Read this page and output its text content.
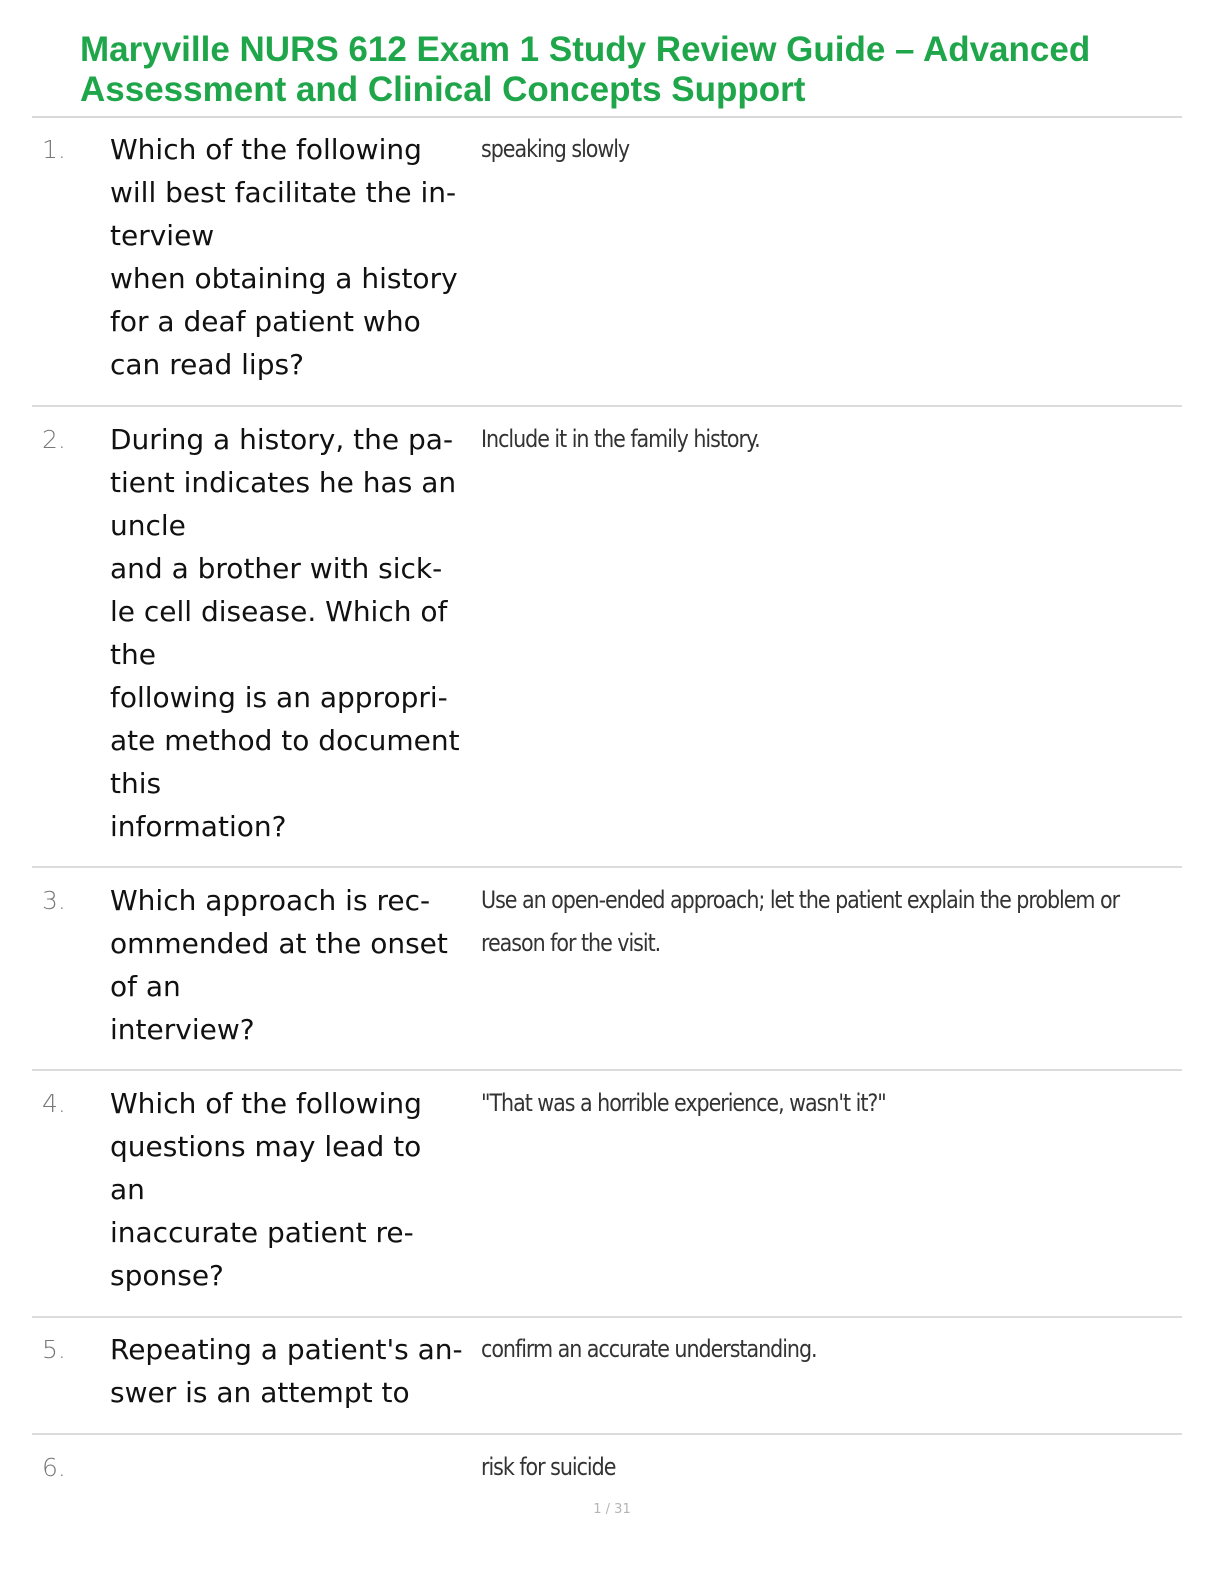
Maryville NURS 612 Exam 1 Study Review Guide – Advanced
Assessment and Clinical Concepts Support
1. Which of the following
will best facilitate the in-
terview
when obtaining a history
for a deaf patient who
can read lips?
speaking slowly
2. During a history, the pa-
tient indicates he has an
uncle
and a brother with sick-
le cell disease. Which of
the
following is an appropri-
ate method to document
this
information?
Include it in the family history.
3. Which approach is rec-
ommended at the onset
of an
interview?
Use an open-ended approach; let the patient explain the problem or
reason for the visit.
4. Which of the following
questions may lead to
an
inaccurate patient re-
sponse?
"That was a horrible experience, wasn't it?"
5. Repeating a patient's an-
swer is an attempt to
confirm an accurate understanding.
6.	risk for suicide
1 / 31
